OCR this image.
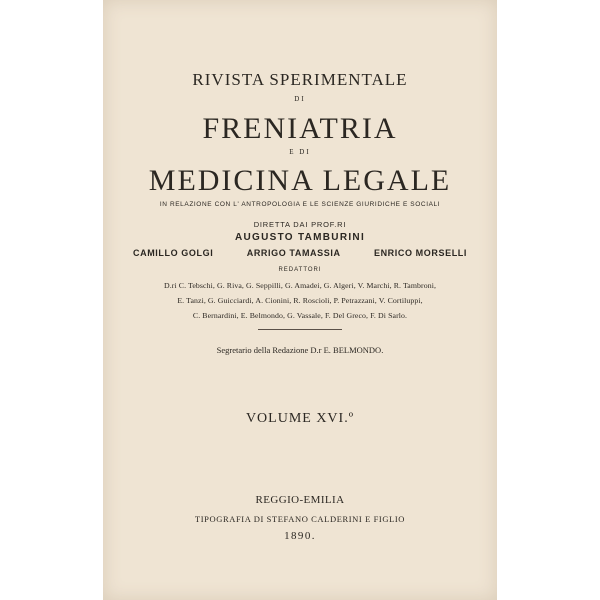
RIVISTA SPERIMENTALE
DI
FRENIATRIA
E DI
MEDICINA LEGALE
IN RELAZIONE CON L' ANTROPOLOGIA E LE SCIENZE GIURIDICHE E SOCIALI
DIRETTA DAI PROF.RI
AUGUSTO TAMBURINI
CAMILLO GOLGI	ARRIGO TAMASSIA	ENRICO MORSELLI
REDATTORI
D.ri C. Tebschi, G. Riva, G. Seppilli, G. Amadei, G. Algeri, V. Marchi, R. Tambroni,
E. Tanzi, G. Guicciardi, A. Cionini, R. Roscioli, P. Petrazzani, V. Cortiluppi,
C. Bernardini, E. Belmondo, G. Vassale, F. Del Greco, F. Di Sarlo.
Segretario della Redazione D.r E. BELMONDO.
VOLUME XVI.º
REGGIO-EMILIA
TIPOGRAFIA DI STEFANO CALDERINI E FIGLIO
1890.
